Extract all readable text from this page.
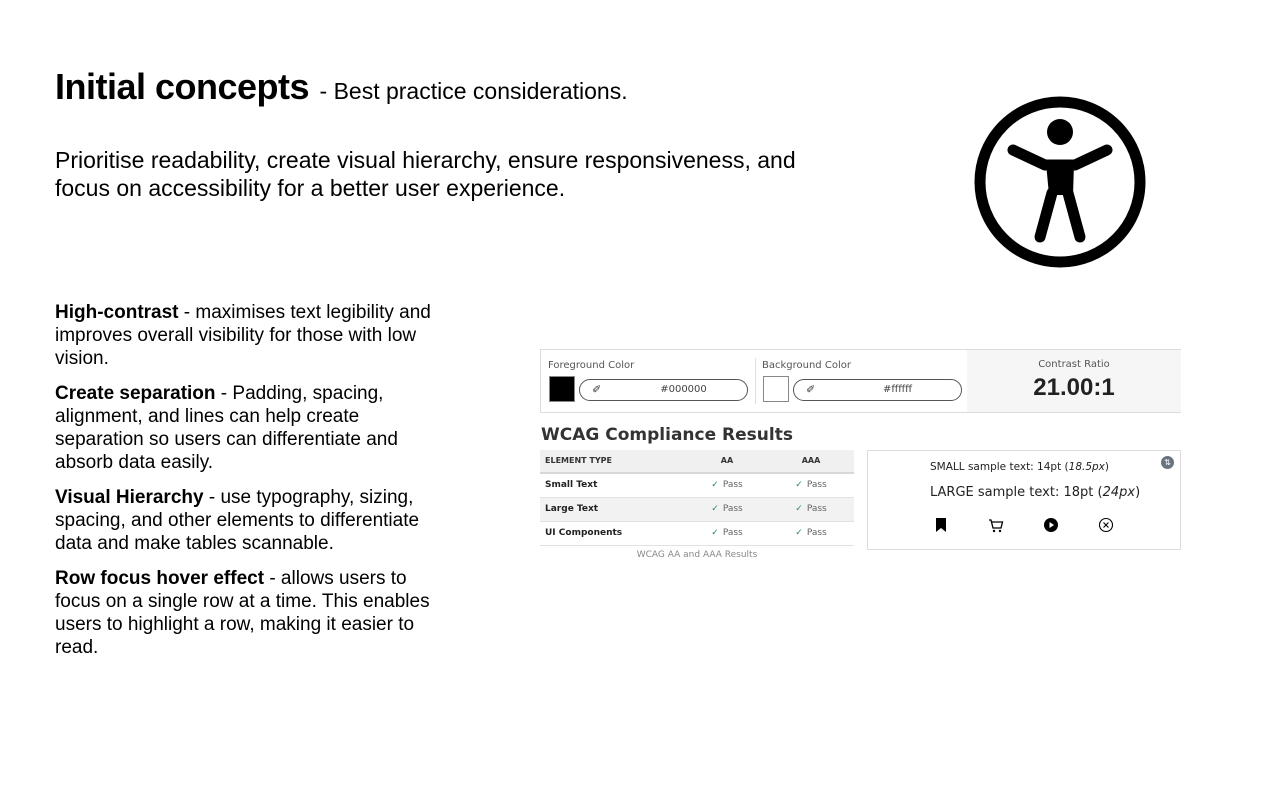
Initial concepts - Best practice considerations.
Prioritise readability, create visual hierarchy, ensure responsiveness, and focus on accessibility for a better user experience.

High-contrast - maximises text legibility and improves overall visibility for those with low vision.

Create separation - Padding, spacing, alignment, and lines can help create separation so users can differentiate and absorb data easily.

Visual Hierarchy - use typography, sizing, spacing, and other elements to differentiate data and make tables scannable.

Row focus hover effect - allows users to focus on a single row at a time. This enables users to highlight a row, making it easier to read.

Foreground Color
✐	#000000
Background Color
✐	#ffffff
Contrast Ratio
21.00:1
WCAG Compliance Results
ELEMENT TYPE	AA	AAA
Small Text	✓ Pass	✓ Pass
Large Text	✓ Pass	✓ Pass
UI Components	✓ Pass	✓ Pass
WCAG AA and AAA Results
⇅
SMALL sample text: 14pt (18.5px)
LARGE sample text: 18pt (24px)
